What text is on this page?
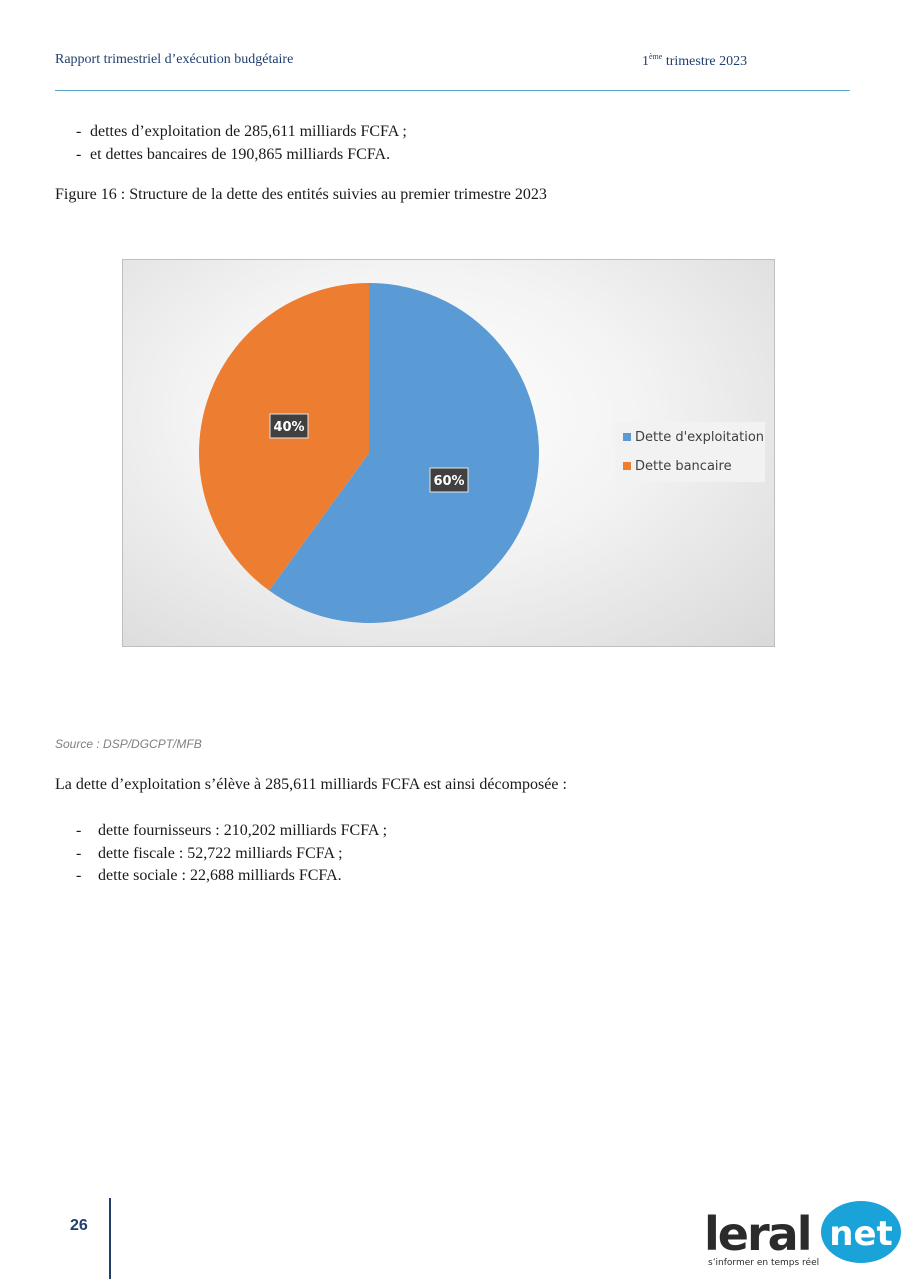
Rapport trimestriel d’exécution budgétaire	1ème trimestre 2023
- dettes d’exploitation de 285,611 milliards FCFA ;
- et dettes bancaires de 190,865 milliards FCFA.
Figure 16 : Structure de la dette des entités suivies au premier trimestre 2023
60%
40%
Dette d'exploitation
Dette bancaire
Source : DSP/DGCPT/MFB
La dette d’exploitation s’élève à 285,611 milliards FCFA est ainsi décomposée :
- dette fournisseurs : 210,202 milliards FCFA ;
- dette fiscale : 52,722 milliards FCFA ;
- dette sociale : 22,688 milliards FCFA.
26	leral net
s’informer en temps réel
